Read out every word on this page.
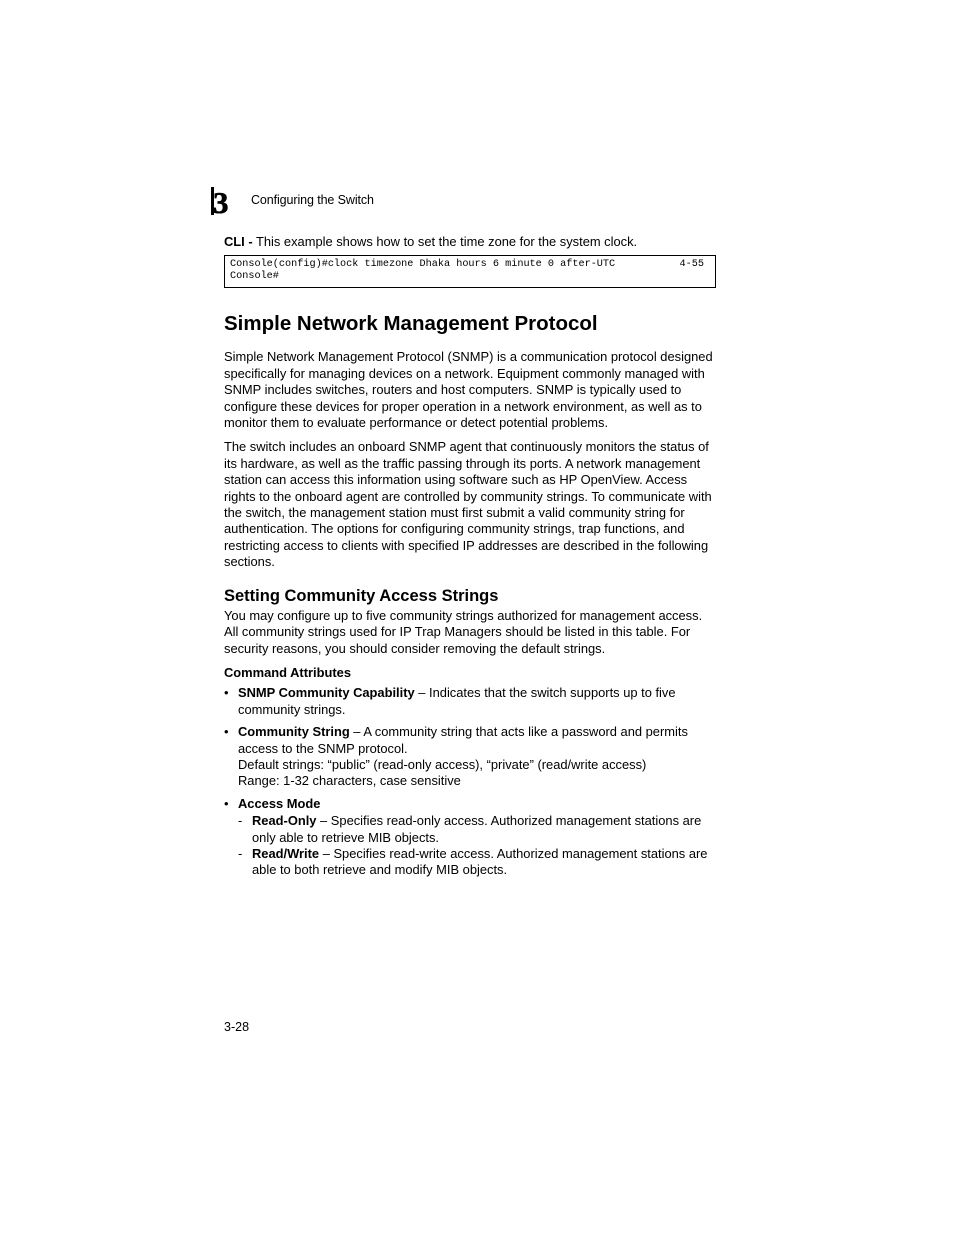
3 Configuring the Switch

CLI - This example shows how to set the time zone for the system clock.

Console(config)#clock timezone Dhaka hours 6 minute 0 after-UTC	4-55
Console#
Simple Network Management Protocol

Simple Network Management Protocol (SNMP) is a communication protocol designed specifically for managing devices on a network. Equipment commonly managed with SNMP includes switches, routers and host computers. SNMP is typically used to configure these devices for proper operation in a network environment, as well as to monitor them to evaluate performance or detect potential problems.

The switch includes an onboard SNMP agent that continuously monitors the status of its hardware, as well as the traffic passing through its ports. A network management station can access this information using software such as HP OpenView. Access rights to the onboard agent are controlled by community strings. To communicate with the switch, the management station must first submit a valid community string for authentication. The options for configuring community strings, trap functions, and restricting access to clients with specified IP addresses are described in the following sections.

Setting Community Access Strings

You may configure up to five community strings authorized for management access. All community strings used for IP Trap Managers should be listed in this table. For security reasons, you should consider removing the default strings.

Command Attributes

• SNMP Community Capability – Indicates that the switch supports up to five community strings.
• Community String – A community string that acts like a password and permits access to the SNMP protocol.
Default strings: “public” (read-only access), “private” (read/write access)
Range: 1-32 characters, case sensitive
• Access Mode
- Read-Only – Specifies read-only access. Authorized management stations are only able to retrieve MIB objects.
- Read/Write – Specifies read-write access. Authorized management stations are able to both retrieve and modify MIB objects.
3-28
